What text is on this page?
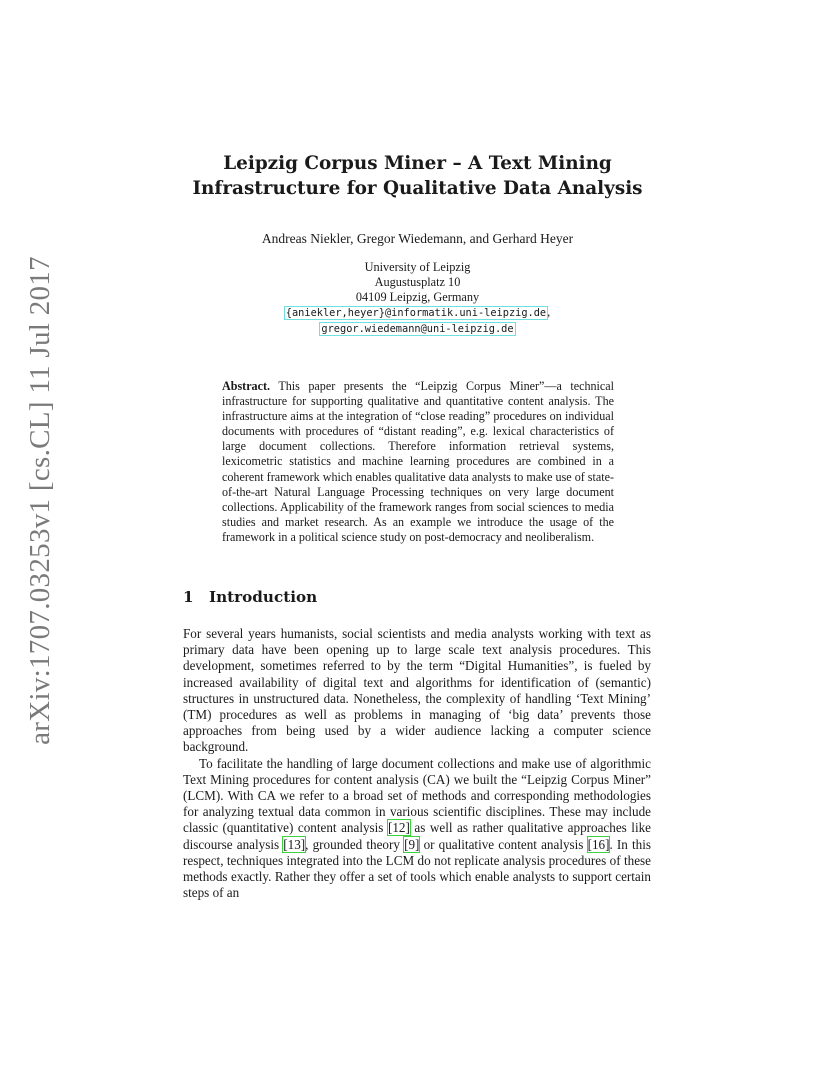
arXiv:1707.03253v1 [cs.CL] 11 Jul 2017
Leipzig Corpus Miner – A Text Mining
Infrastructure for Qualitative Data Analysis
Andreas Niekler, Gregor Wiedemann, and Gerhard Heyer
University of Leipzig
Augustusplatz 10
04109 Leipzig, Germany
{aniekler,heyer}@informatik.uni-leipzig.de,
gregor.wiedemann@uni-leipzig.de
Abstract. This paper presents the “Leipzig Corpus Miner”—a technical infrastructure for supporting qualitative and quantitative content analysis. The infrastructure aims at the integration of “close reading” procedures on individual documents with procedures of “distant reading”, e.g. lexical characteristics of large document collections. Therefore information retrieval systems, lexicometric statistics and machine learning procedures are combined in a coherent framework which enables qualitative data analysts to make use of state-of-the-art Natural Language Processing techniques on very large document collections. Applicability of the framework ranges from social sciences to media studies and market research. As an example we introduce the usage of the framework in a political science study on post-democracy and neoliberalism.
1 Introduction

For several years humanists, social scientists and media analysts working with text as primary data have been opening up to large scale text analysis procedures. This development, sometimes referred to by the term “Digital Humanities”, is fueled by increased availability of digital text and algorithms for identification of (semantic) structures in unstructured data. Nonetheless, the complexity of handling ‘Text Mining’ (TM) procedures as well as problems in managing of ‘big data’ prevents those approaches from being used by a wider audience lacking a computer science background.

To facilitate the handling of large document collections and make use of algorithmic Text Mining procedures for content analysis (CA) we built the “Leipzig Corpus Miner” (LCM). With CA we refer to a broad set of methods and corresponding methodologies for analyzing textual data common in various scientific disciplines. These may include classic (quantitative) content analysis [12] as well as rather qualitative approaches like discourse analysis [13], grounded theory [9] or qualitative content analysis [16]. In this respect, techniques integrated into the LCM do not replicate analysis procedures of these methods exactly. Rather they offer a set of tools which enable analysts to support certain steps of an
